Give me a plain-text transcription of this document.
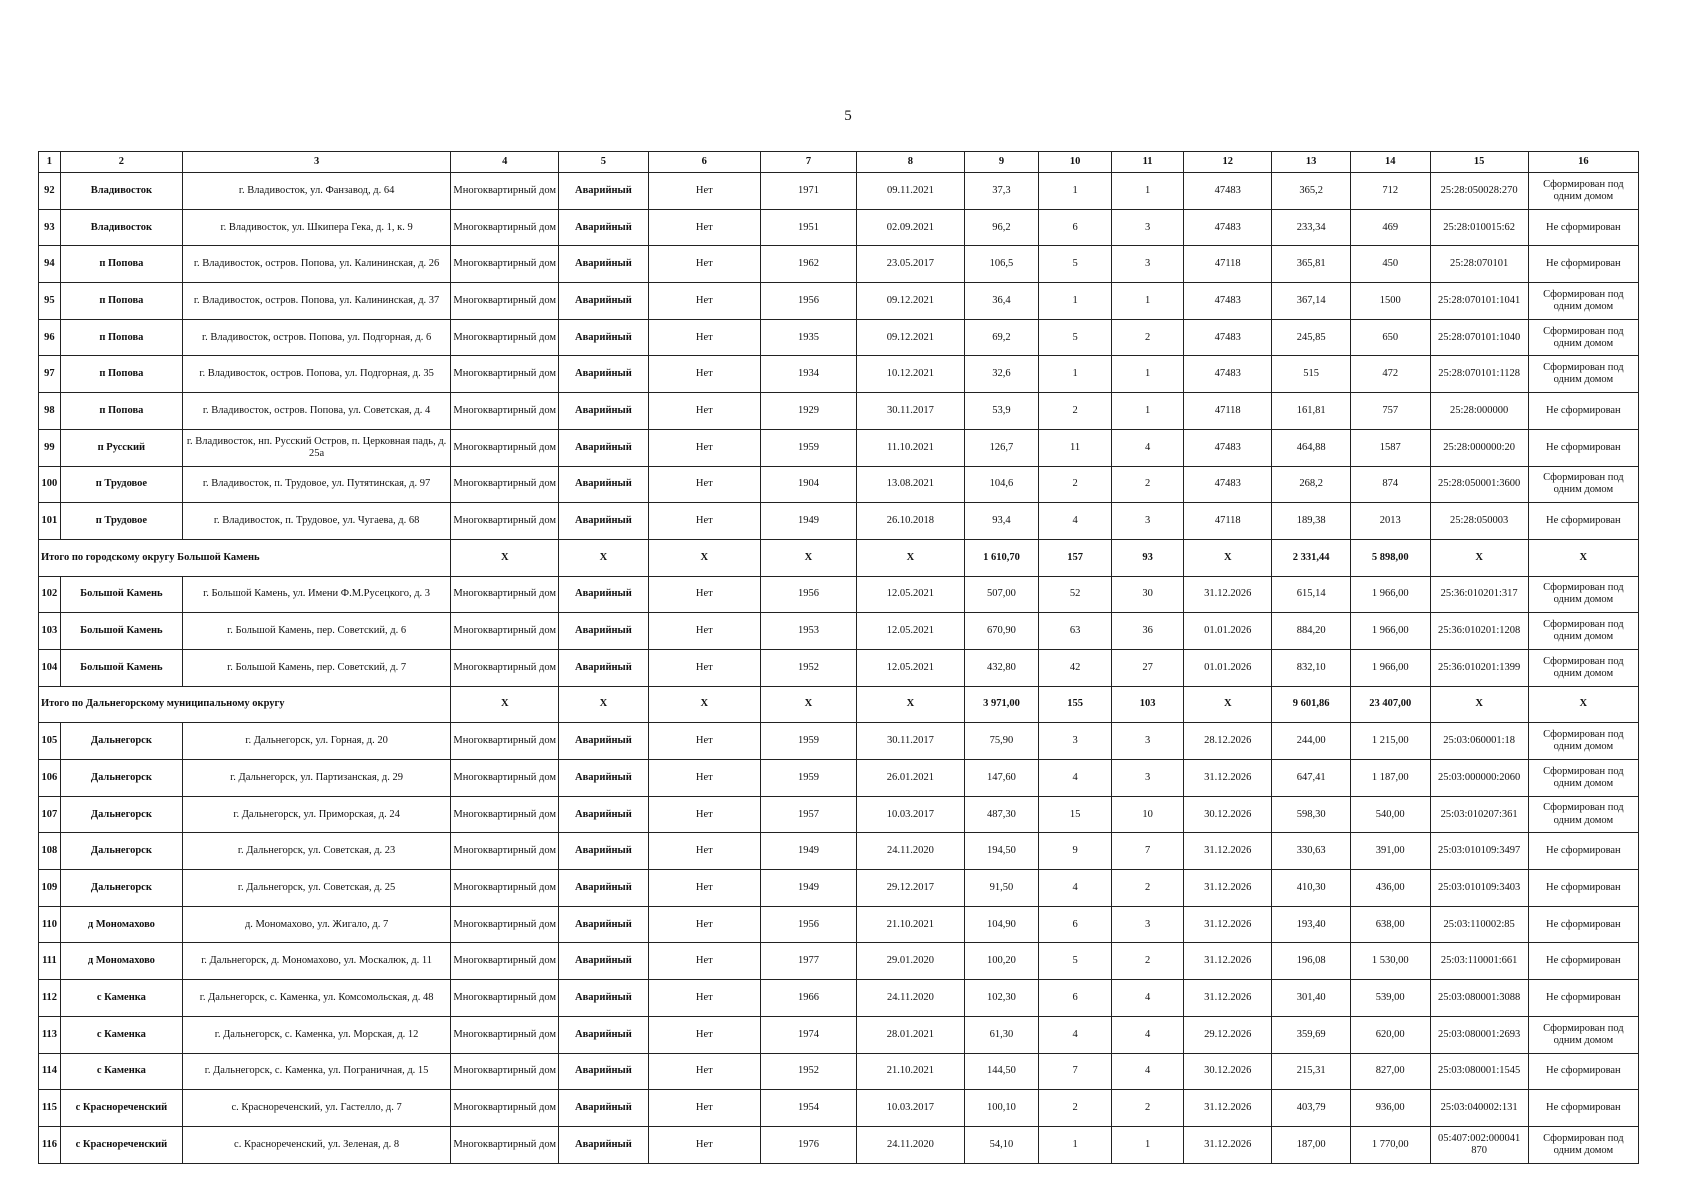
5
1	2	3	4	5	6	7	8	9	10	11	12	13	14	15	16
92	Владивосток	г. Владивосток, ул. Фанзавод, д. 64	Многоквартирный дом	Аварийный	Нет	1971	09.11.2021	37,3	1	1	47483	365,2	712	25:28:050028:270	Сформирован под одним домом
93	Владивосток	г. Владивосток, ул. Шкипера Гека, д. 1, к. 9	Многоквартирный дом	Аварийный	Нет	1951	02.09.2021	96,2	6	3	47483	233,34	469	25:28:010015:62	Не сформирован
94	п Попова	г. Владивосток, остров. Попова, ул. Калининская, д. 26	Многоквартирный дом	Аварийный	Нет	1962	23.05.2017	106,5	5	3	47118	365,81	450	25:28:070101	Не сформирован
95	п Попова	г. Владивосток, остров. Попова, ул. Калининская, д. 37	Многоквартирный дом	Аварийный	Нет	1956	09.12.2021	36,4	1	1	47483	367,14	1500	25:28:070101:1041	Сформирован под одним домом
96	п Попова	г. Владивосток, остров. Попова, ул. Подгорная, д. 6	Многоквартирный дом	Аварийный	Нет	1935	09.12.2021	69,2	5	2	47483	245,85	650	25:28:070101:1040	Сформирован под одним домом
97	п Попова	г. Владивосток, остров. Попова, ул. Подгорная, д. 35	Многоквартирный дом	Аварийный	Нет	1934	10.12.2021	32,6	1	1	47483	515	472	25:28:070101:1128	Сформирован под одним домом
98	п Попова	г. Владивосток, остров. Попова, ул. Советская, д. 4	Многоквартирный дом	Аварийный	Нет	1929	30.11.2017	53,9	2	1	47118	161,81	757	25:28:000000	Не сформирован
99	п Русский	г. Владивосток, нп. Русский Остров, п. Церковная падь, д. 25а	Многоквартирный дом	Аварийный	Нет	1959	11.10.2021	126,7	11	4	47483	464,88	1587	25:28:000000:20	Не сформирован
100	п Трудовое	г. Владивосток, п. Трудовое, ул. Путятинская, д. 97	Многоквартирный дом	Аварийный	Нет	1904	13.08.2021	104,6	2	2	47483	268,2	874	25:28:050001:3600	Сформирован под одним домом
101	п Трудовое	г. Владивосток, п. Трудовое, ул. Чугаева, д. 68	Многоквартирный дом	Аварийный	Нет	1949	26.10.2018	93,4	4	3	47118	189,38	2013	25:28:050003	Не сформирован
Итого по городскому округу Большой Камень			X	X	X	X	X	1 610,70	157	93	X	2 331,44	5 898,00	X	X
102	Большой Камень	г. Большой Камень, ул. Имени Ф.М.Русецкого, д. 3	Многоквартирный дом	Аварийный	Нет	1956	12.05.2021	507,00	52	30	31.12.2026	615,14	1 966,00	25:36:010201:317	Сформирован под одним домом
103	Большой Камень	г. Большой Камень, пер. Советский, д. 6	Многоквартирный дом	Аварийный	Нет	1953	12.05.2021	670,90	63	36	01.01.2026	884,20	1 966,00	25:36:010201:1208	Сформирован под одним домом
104	Большой Камень	г. Большой Камень, пер. Советский, д. 7	Многоквартирный дом	Аварийный	Нет	1952	12.05.2021	432,80	42	27	01.01.2026	832,10	1 966,00	25:36:010201:1399	Сформирован под одним домом
Итого по Дальнегорскому муниципальному округу			X	X	X	X	X	3 971,00	155	103	X	9 601,86	23 407,00	X	X
105	Дальнегорск	г. Дальнегорск, ул. Горная, д. 20	Многоквартирный дом	Аварийный	Нет	1959	30.11.2017	75,90	3	3	28.12.2026	244,00	1 215,00	25:03:060001:18	Сформирован под одним домом
106	Дальнегорск	г. Дальнегорск, ул. Партизанская, д. 29	Многоквартирный дом	Аварийный	Нет	1959	26.01.2021	147,60	4	3	31.12.2026	647,41	1 187,00	25:03:000000:2060	Сформирован под одним домом
107	Дальнегорск	г. Дальнегорск, ул. Приморская, д. 24	Многоквартирный дом	Аварийный	Нет	1957	10.03.2017	487,30	15	10	30.12.2026	598,30	540,00	25:03:010207:361	Сформирован под одним домом
108	Дальнегорск	г. Дальнегорск, ул. Советская, д. 23	Многоквартирный дом	Аварийный	Нет	1949	24.11.2020	194,50	9	7	31.12.2026	330,63	391,00	25:03:010109:3497	Не сформирован
109	Дальнегорск	г. Дальнегорск, ул. Советская, д. 25	Многоквартирный дом	Аварийный	Нет	1949	29.12.2017	91,50	4	2	31.12.2026	410,30	436,00	25:03:010109:3403	Не сформирован
110	д Мономахово	д. Мономахово, ул. Жигало, д. 7	Многоквартирный дом	Аварийный	Нет	1956	21.10.2021	104,90	6	3	31.12.2026	193,40	638,00	25:03:110002:85	Не сформирован
111	д Мономахово	г. Дальнегорск, д. Мономахово, ул. Москалюк, д. 11	Многоквартирный дом	Аварийный	Нет	1977	29.01.2020	100,20	5	2	31.12.2026	196,08	1 530,00	25:03:110001:661	Не сформирован
112	с Каменка	г. Дальнегорск, с. Каменка, ул. Комсомольская, д. 48	Многоквартирный дом	Аварийный	Нет	1966	24.11.2020	102,30	6	4	31.12.2026	301,40	539,00	25:03:080001:3088	Не сформирован
113	с Каменка	г. Дальнегорск, с. Каменка, ул. Морская, д. 12	Многоквартирный дом	Аварийный	Нет	1974	28.01.2021	61,30	4	4	29.12.2026	359,69	620,00	25:03:080001:2693	Сформирован под одним домом
114	с Каменка	г. Дальнегорск, с. Каменка, ул. Пограничная, д. 15	Многоквартирный дом	Аварийный	Нет	1952	21.10.2021	144,50	7	4	30.12.2026	215,31	827,00	25:03:080001:1545	Не сформирован
115	с Краснореченский	с. Краснореченский, ул. Гастелло, д. 7	Многоквартирный дом	Аварийный	Нет	1954	10.03.2017	100,10	2	2	31.12.2026	403,79	936,00	25:03:040002:131	Не сформирован
116	с Краснореченский	с. Краснореченский, ул. Зеленая, д. 8	Многоквартирный дом	Аварийный	Нет	1976	24.11.2020	54,10	1	1	31.12.2026	187,00	1 770,00	05:407:002:000041 870	Сформирован под одним домом
